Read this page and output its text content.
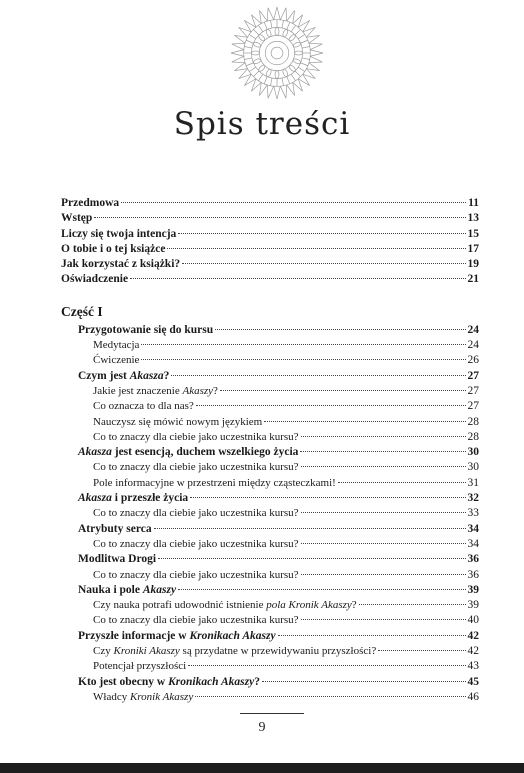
Spis treści
Przedmowa	11
Wstęp	13
Liczy się twoja intencja	15
O tobie i o tej książce	17
Jak korzystać z książki?	19
Oświadczenie	21
Część I
Przygotowanie się do kursu	24
Medytacja	24
Ćwiczenie	26
Czym jest Akasza?	27
Jakie jest znaczenie Akaszy?	27
Co oznacza to dla nas?	27
Nauczysz się mówić nowym językiem	28
Co to znaczy dla ciebie jako uczestnika kursu?	28
Akasza jest esencją, duchem wszelkiego życia	30
Co to znaczy dla ciebie jako uczestnika kursu?	30
Pole informacyjne w przestrzeni między cząsteczkami!	31
Akasza i przeszłe życia	32
Co to znaczy dla ciebie jako uczestnika kursu?	33
Atrybuty serca	34
Co to znaczy dla ciebie jako uczestnika kursu?	34
Modlitwa Drogi	36
Co to znaczy dla ciebie jako uczestnika kursu?	36
Nauka i pole Akaszy	39
Czy nauka potrafi udowodnić istnienie pola Kronik Akaszy?	39
Co to znaczy dla ciebie jako uczestnika kursu?	40
Przyszłe informacje w Kronikach Akaszy	42
Czy Kroniki Akaszy są przydatne w przewidywaniu przyszłości?	42
Potencjał przyszłości	43
Kto jest obecny w Kronikach Akaszy?	45
Władcy Kronik Akaszy	46
9
